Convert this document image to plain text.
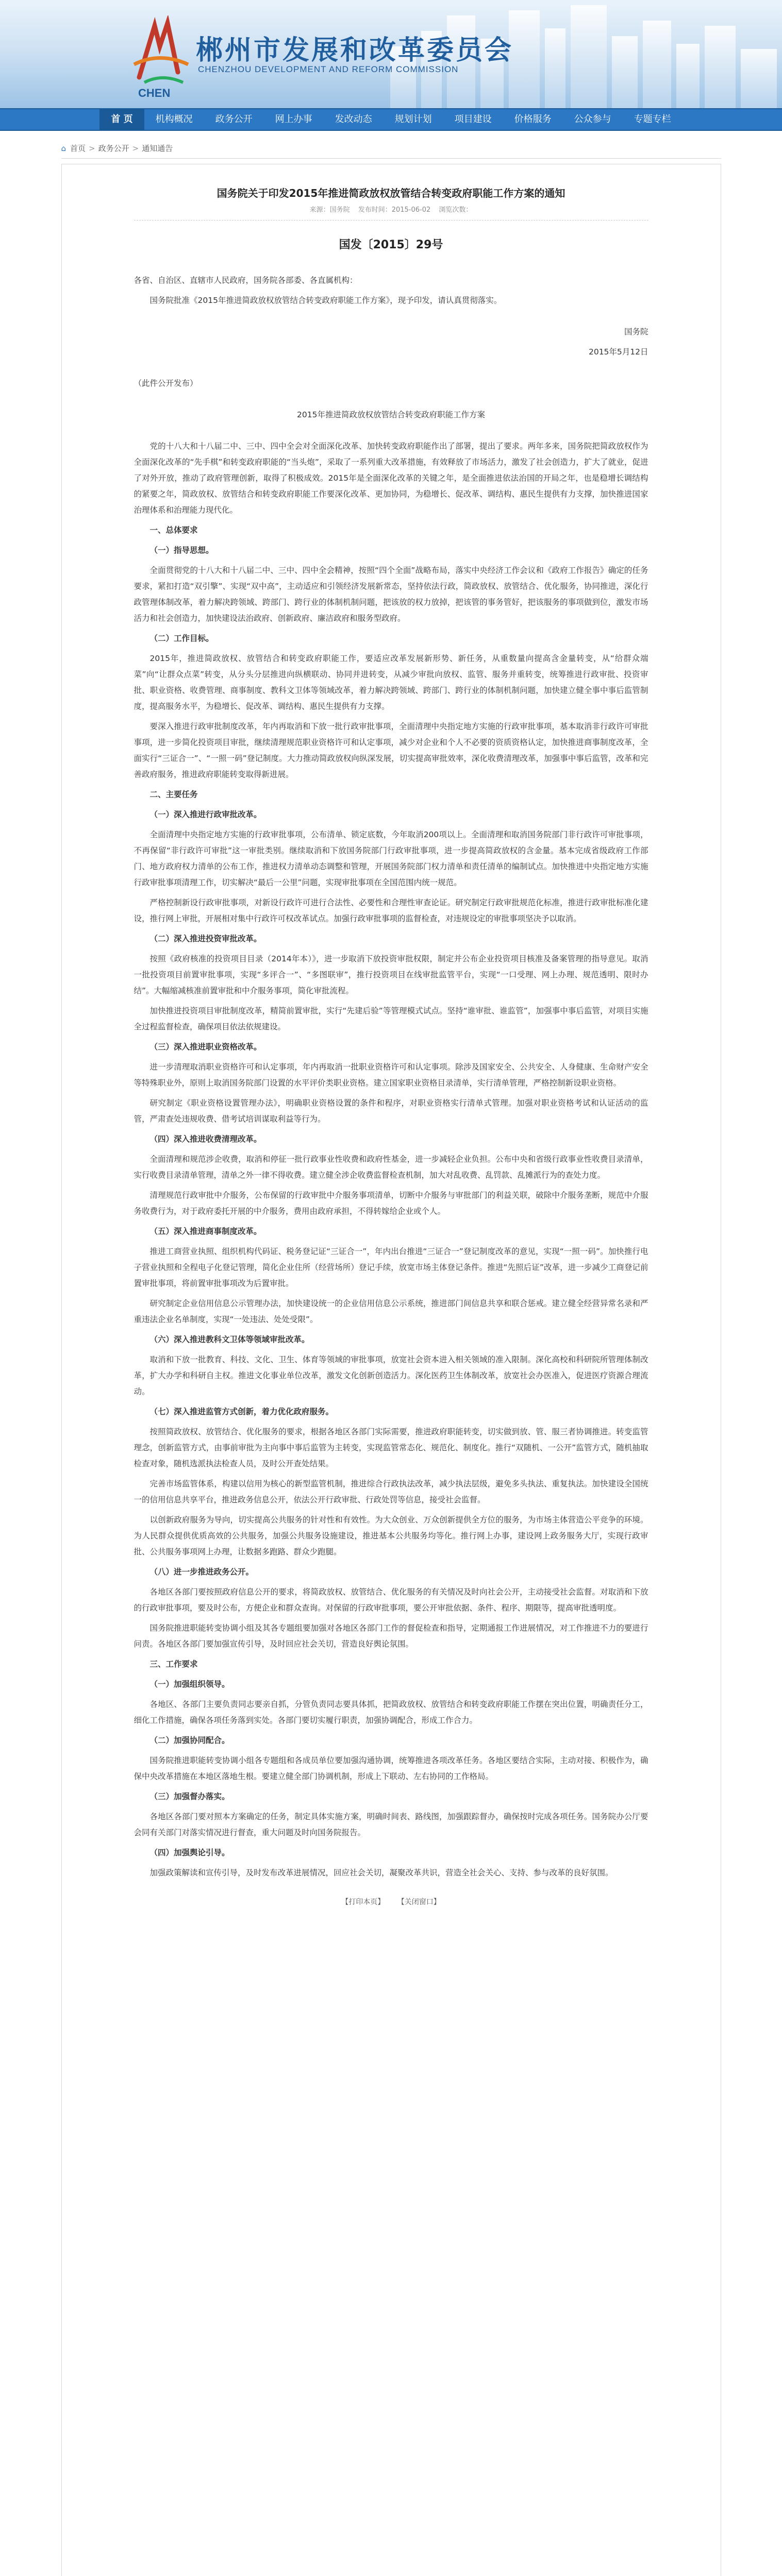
CHEN
郴州市发展和改革委员会
CHENZHOU DEVELOPMENT AND REFORM COMMISSION
首 页	机构概况	政务公开	网上办事	发改动态	规划计划	项目建设	价格服务	公众参与	专题专栏
⌂ 首页 > 政务公开 > 通知通告
国务院关于印发2015年推进简政放权放管结合转变政府职能工作方案的通知
来源：国务院 发布时间：2015-06-02 浏览次数：
国发〔2015〕29号

各省、自治区、直辖市人民政府，国务院各部委、各直属机构：

国务院批准《2015年推进简政放权放管结合转变政府职能工作方案》，现予印发，请认真贯彻落实。

国务院

2015年5月12日

（此件公开发布）

2015年推进简政放权放管结合转变政府职能工作方案

党的十八大和十八届二中、三中、四中全会对全面深化改革、加快转变政府职能作出了部署，提出了要求。两年多来，国务院把简政放权作为全面深化改革的“先手棋”和转变政府职能的“当头炮”，采取了一系列重大改革措施，有效释放了市场活力，激发了社会创造力，扩大了就业，促进了对外开放，推动了政府管理创新，取得了积极成效。2015年是全面深化改革的关键之年，是全面推进依法治国的开局之年，也是稳增长调结构的紧要之年，简政放权、放管结合和转变政府职能工作要深化改革、更加协同，为稳增长、促改革、调结构、惠民生提供有力支撑，加快推进国家治理体系和治理能力现代化。

一、总体要求

（一）指导思想。

全面贯彻党的十八大和十八届二中、三中、四中全会精神，按照“四个全面”战略布局，落实中央经济工作会议和《政府工作报告》确定的任务要求，紧扣打造“双引擎”、实现“双中高”，主动适应和引领经济发展新常态，坚持依法行政，简政放权、放管结合、优化服务，协同推进，深化行政管理体制改革，着力解决跨领域、跨部门、跨行业的体制机制问题，把该放的权力放掉，把该管的事务管好，把该服务的事项做到位，激发市场活力和社会创造力，加快建设法治政府、创新政府、廉洁政府和服务型政府。

（二）工作目标。

2015年，推进简政放权、放管结合和转变政府职能工作，要适应改革发展新形势、新任务，从重数量向提高含金量转变，从“给群众端菜”向“让群众点菜”转变，从分头分层推进向纵横联动、协同并进转变，从减少审批向放权、监管、服务并重转变，统筹推进行政审批、投资审批、职业资格、收费管理、商事制度、教科文卫体等领域改革，着力解决跨领域、跨部门、跨行业的体制机制问题，加快建立健全事中事后监管制度，提高服务水平，为稳增长、促改革、调结构、惠民生提供有力支撑。

要深入推进行政审批制度改革，年内再取消和下放一批行政审批事项，全面清理中央指定地方实施的行政审批事项，基本取消非行政许可审批事项，进一步简化投资项目审批，继续清理规范职业资格许可和认定事项，减少对企业和个人不必要的资质资格认定，加快推进商事制度改革，全面实行“三证合一”、“一照一码”登记制度。大力推动简政放权向纵深发展，切实提高审批效率，深化收费清理改革，加强事中事后监管，改革和完善政府服务，推进政府职能转变取得新进展。

二、主要任务

（一）深入推进行政审批改革。

全面清理中央指定地方实施的行政审批事项，公布清单、锁定底数，今年取消200项以上。全面清理和取消国务院部门非行政许可审批事项，不再保留“非行政许可审批”这一审批类别。继续取消和下放国务院部门行政审批事项，进一步提高简政放权的含金量。基本完成省级政府工作部门、地方政府权力清单的公布工作，推进权力清单动态调整和管理，开展国务院部门权力清单和责任清单的编制试点。加快推进中央指定地方实施行政审批事项清理工作，切实解决“最后一公里”问题，实现审批事项在全国范围内统一规范。

严格控制新设行政审批事项，对新设行政许可进行合法性、必要性和合理性审查论证。研究制定行政审批规范化标准，推进行政审批标准化建设，推行网上审批，开展相对集中行政许可权改革试点。加强行政审批事项的监督检查，对违规设定的审批事项坚决予以取消。

（二）深入推进投资审批改革。

按照《政府核准的投资项目目录（2014年本）》，进一步取消下放投资审批权限，制定并公布企业投资项目核准及备案管理的指导意见。取消一批投资项目前置审批事项，实现“多评合一”、“多图联审”，推行投资项目在线审批监管平台，实现“一口受理、网上办理、规范透明、限时办结”。大幅缩减核准前置审批和中介服务事项，简化审批流程。

加快推进投资项目审批制度改革，精简前置审批，实行“先建后验”等管理模式试点。坚持“谁审批、谁监管”，加强事中事后监管，对项目实施全过程监督检查，确保项目依法依规建设。

（三）深入推进职业资格改革。

进一步清理取消职业资格许可和认定事项，年内再取消一批职业资格许可和认定事项。除涉及国家安全、公共安全、人身健康、生命财产安全等特殊职业外，原则上取消国务院部门设置的水平评价类职业资格。建立国家职业资格目录清单，实行清单管理，严格控制新设职业资格。

研究制定《职业资格设置管理办法》，明确职业资格设置的条件和程序，对职业资格实行清单式管理。加强对职业资格考试和认证活动的监管，严肃查处违规收费、借考试培训谋取利益等行为。

（四）深入推进收费清理改革。

全面清理和规范涉企收费，取消和停征一批行政事业性收费和政府性基金，进一步减轻企业负担。公布中央和省级行政事业性收费目录清单，实行收费目录清单管理，清单之外一律不得收费。建立健全涉企收费监督检查机制，加大对乱收费、乱罚款、乱摊派行为的查处力度。

清理规范行政审批中介服务，公布保留的行政审批中介服务事项清单，切断中介服务与审批部门的利益关联，破除中介服务垄断，规范中介服务收费行为，对于政府委托开展的中介服务，费用由政府承担，不得转嫁给企业或个人。

（五）深入推进商事制度改革。

推进工商营业执照、组织机构代码证、税务登记证“三证合一”，年内出台推进“三证合一”登记制度改革的意见，实现“一照一码”。加快推行电子营业执照和全程电子化登记管理，简化企业住所（经营场所）登记手续，放宽市场主体登记条件。推进“先照后证”改革，进一步减少工商登记前置审批事项，将前置审批事项改为后置审批。

研究制定企业信用信息公示管理办法，加快建设统一的企业信用信息公示系统，推进部门间信息共享和联合惩戒。建立健全经营异常名录和严重违法企业名单制度，实现“一处违法、处处受限”。

（六）深入推进教科文卫体等领域审批改革。

取消和下放一批教育、科技、文化、卫生、体育等领域的审批事项，放宽社会资本进入相关领域的准入限制。深化高校和科研院所管理体制改革，扩大办学和科研自主权。推进文化事业单位改革，激发文化创新创造活力。深化医药卫生体制改革，放宽社会办医准入，促进医疗资源合理流动。

（七）深入推进监管方式创新，着力优化政府服务。

按照简政放权、放管结合、优化服务的要求，根据各地区各部门实际需要，推进政府职能转变，切实做到放、管、服三者协调推进。转变监管理念，创新监管方式，由事前审批为主向事中事后监管为主转变，实现监管常态化、规范化、制度化。推行“双随机、一公开”监管方式，随机抽取检查对象，随机选派执法检查人员，及时公开查处结果。

完善市场监管体系，构建以信用为核心的新型监管机制，推进综合行政执法改革，减少执法层级，避免多头执法、重复执法。加快建设全国统一的信用信息共享平台，推进政务信息公开，依法公开行政审批、行政处罚等信息，接受社会监督。

以创新政府服务为导向，切实提高公共服务的针对性和有效性。为大众创业、万众创新提供全方位的服务，为市场主体营造公平竞争的环境。为人民群众提供优质高效的公共服务，加强公共服务设施建设，推进基本公共服务均等化。推行网上办事，建设网上政务服务大厅，实现行政审批、公共服务事项网上办理，让数据多跑路、群众少跑腿。

（八）进一步推进政务公开。

各地区各部门要按照政府信息公开的要求，将简政放权、放管结合、优化服务的有关情况及时向社会公开，主动接受社会监督。对取消和下放的行政审批事项，要及时公布，方便企业和群众查询。对保留的行政审批事项，要公开审批依据、条件、程序、期限等，提高审批透明度。

国务院推进职能转变协调小组及其各专题组要加强对各地区各部门工作的督促检查和指导，定期通报工作进展情况，对工作推进不力的要进行问责。各地区各部门要加强宣传引导，及时回应社会关切，营造良好舆论氛围。

三、工作要求

（一）加强组织领导。

各地区、各部门主要负责同志要亲自抓，分管负责同志要具体抓，把简政放权、放管结合和转变政府职能工作摆在突出位置，明确责任分工，细化工作措施，确保各项任务落到实处。各部门要切实履行职责，加强协调配合，形成工作合力。

（二）加强协同配合。

国务院推进职能转变协调小组各专题组和各成员单位要加强沟通协调，统筹推进各项改革任务。各地区要结合实际，主动对接、积极作为，确保中央改革措施在本地区落地生根。要建立健全部门协调机制，形成上下联动、左右协同的工作格局。

（三）加强督办落实。

各地区各部门要对照本方案确定的任务，制定具体实施方案，明确时间表、路线图，加强跟踪督办，确保按时完成各项任务。国务院办公厅要会同有关部门对落实情况进行督查，重大问题及时向国务院报告。

（四）加强舆论引导。

加强政策解读和宣传引导，及时发布改革进展情况，回应社会关切，凝聚改革共识，营造全社会关心、支持、参与改革的良好氛围。

【打印本页】 【关闭窗口】
